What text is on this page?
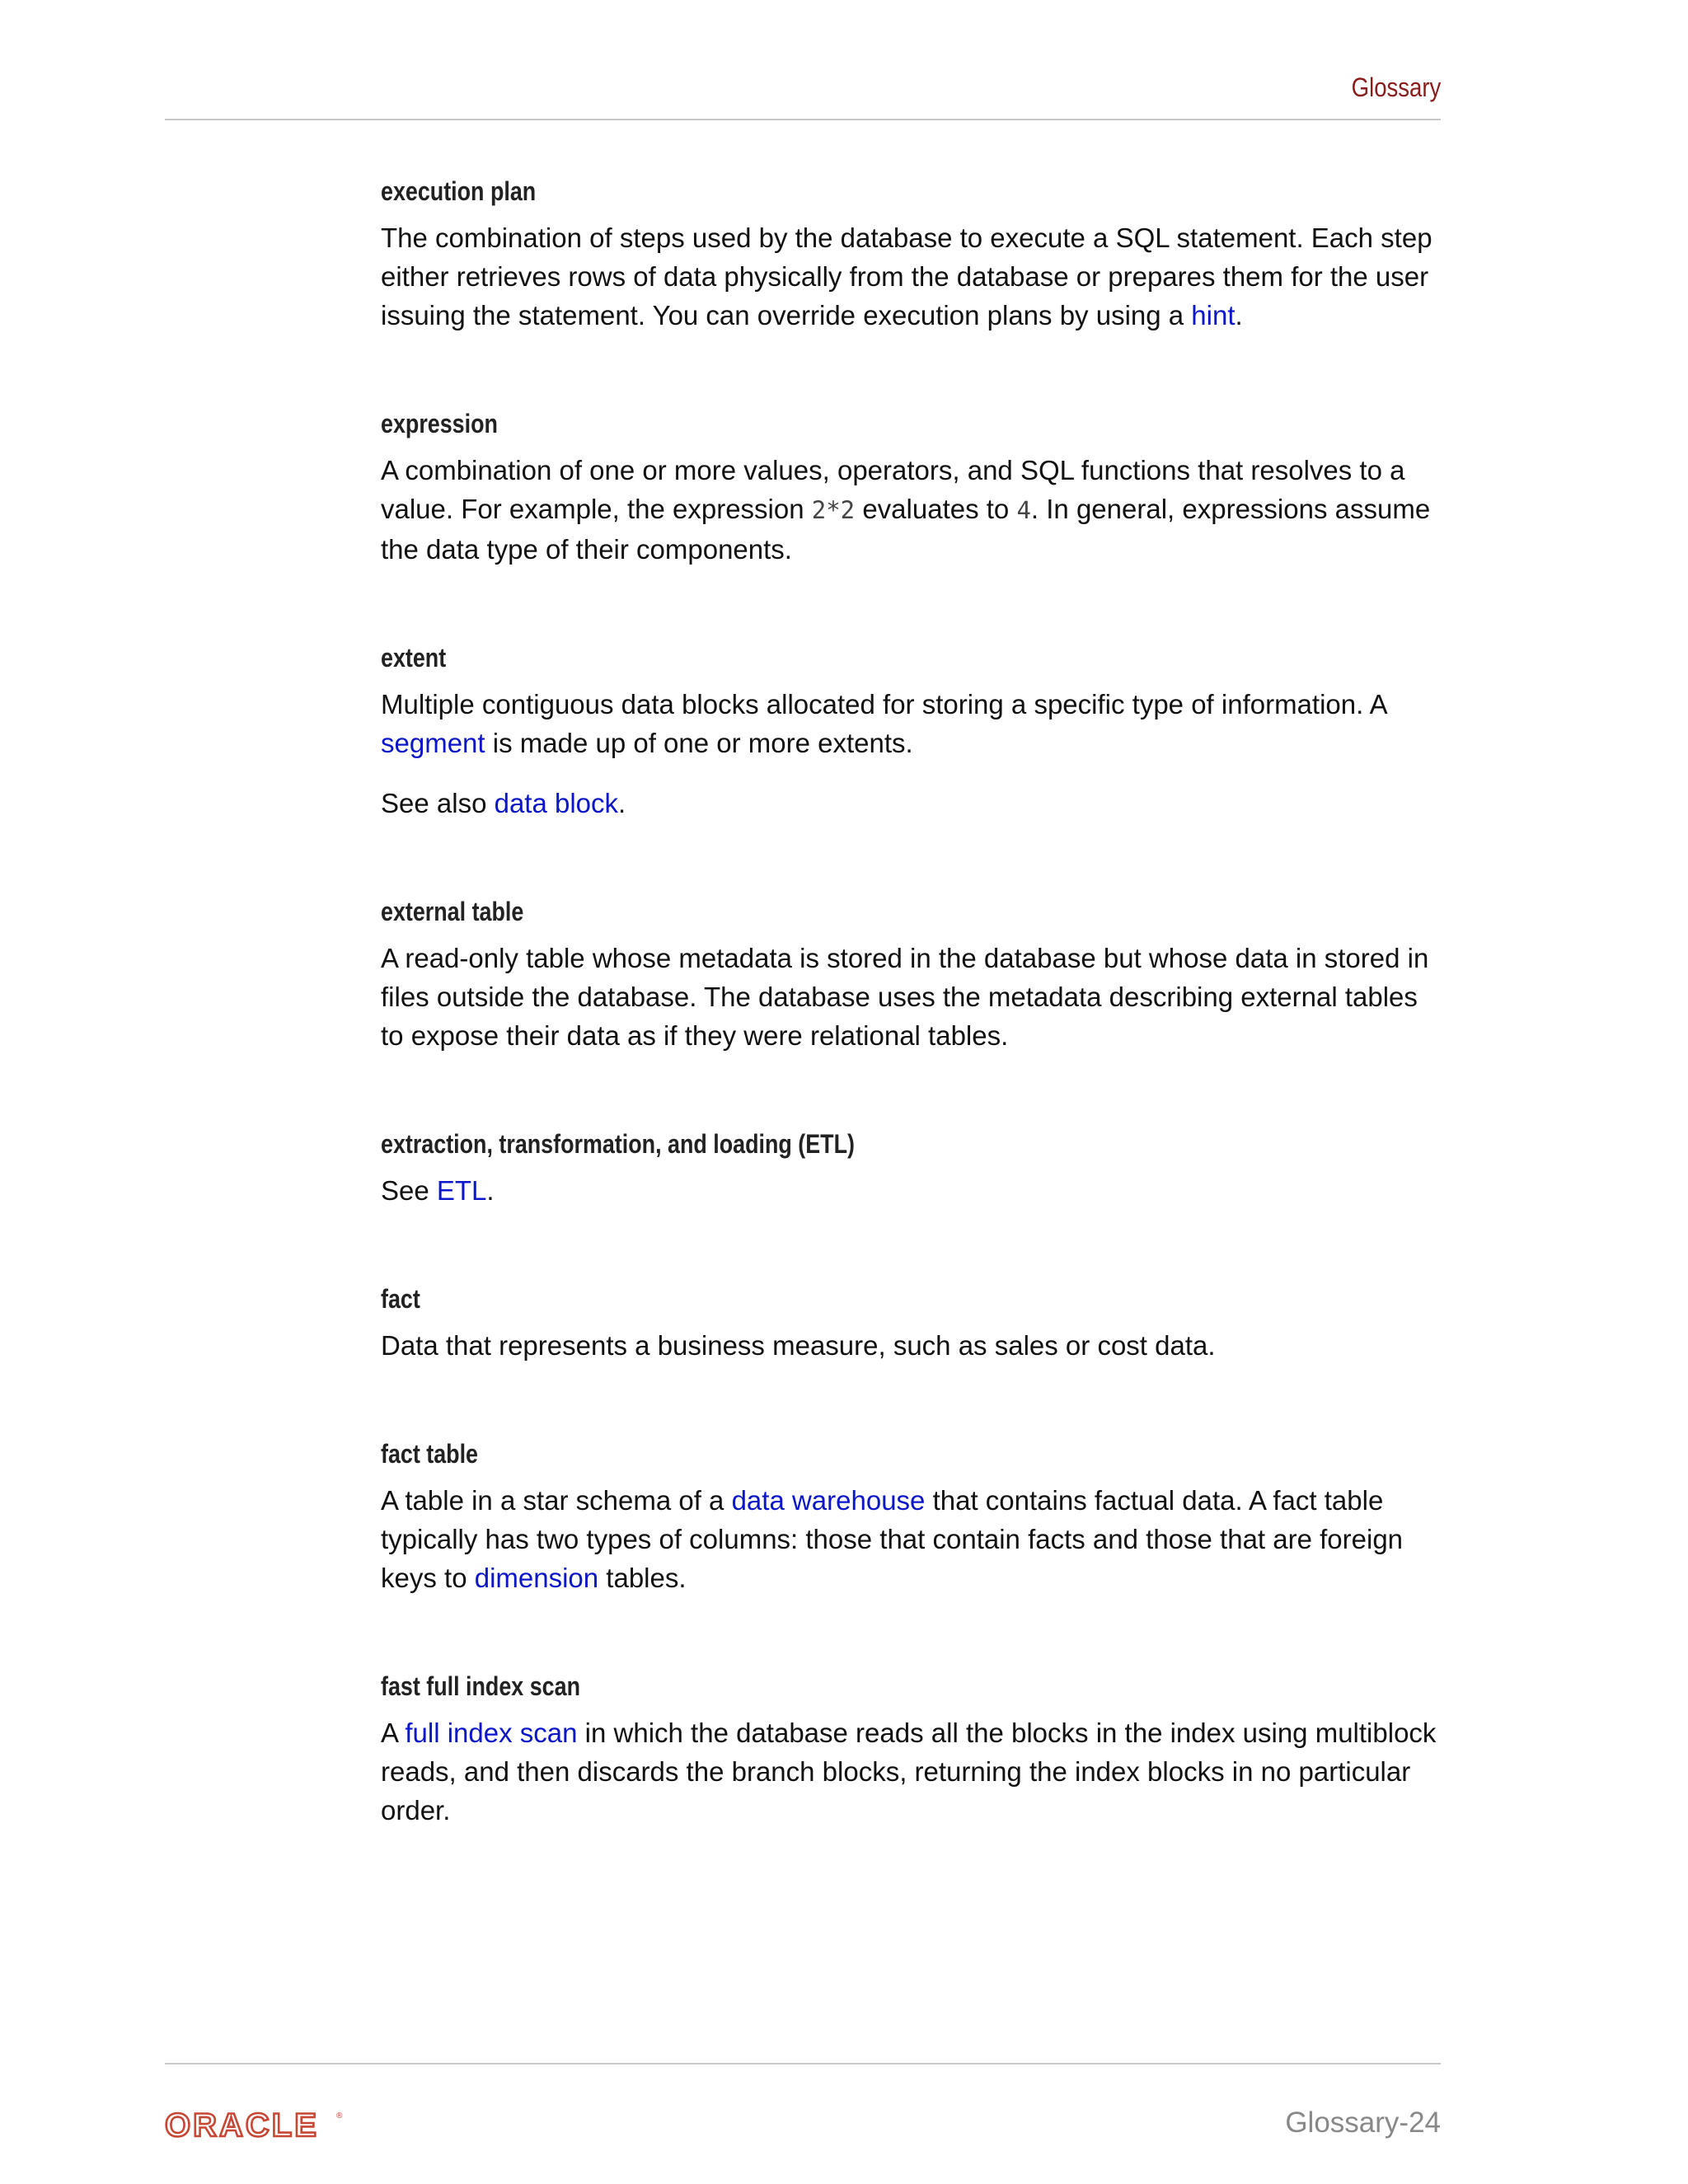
Glossary
execution plan

The combination of steps used by the database to execute a SQL statement. Each step either retrieves rows of data physically from the database or prepares them for the user issuing the statement. You can override execution plans by using a hint.

expression

A combination of one or more values, operators, and SQL functions that resolves to a value. For example, the expression 2*2 evaluates to 4. In general, expressions assume the data type of their components.

extent

Multiple contiguous data blocks allocated for storing a specific type of information. A segment is made up of one or more extents.

See also data block.

external table

A read-only table whose metadata is stored in the database but whose data in stored in files outside the database. The database uses the metadata describing external tables to expose their data as if they were relational tables.

extraction, transformation, and loading (ETL)

See ETL.

fact

Data that represents a business measure, such as sales or cost data.

fact table

A table in a star schema of a data warehouse that contains factual data. A fact table typically has two types of columns: those that contain facts and those that are foreign keys to dimension tables.

fast full index scan

A full index scan in which the database reads all the blocks in the index using multiblock reads, and then discards the branch blocks, returning the index blocks in no particular order.

ORACLE ®	Glossary-24
